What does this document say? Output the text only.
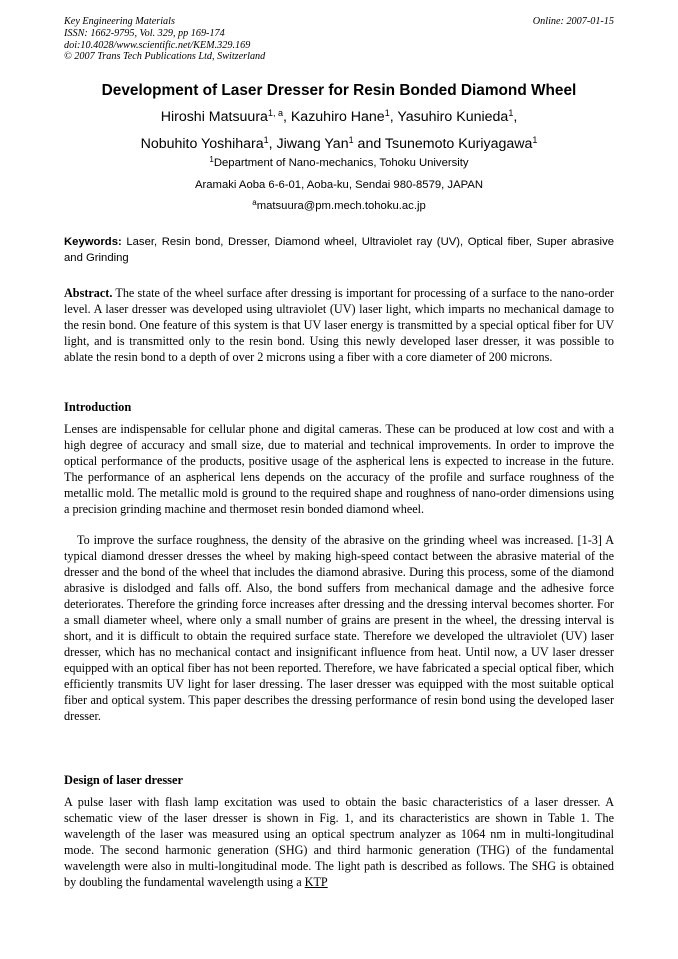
Key Engineering Materials
ISSN: 1662-9795, Vol. 329, pp 169-174
doi:10.4028/www.scientific.net/KEM.329.169
© 2007 Trans Tech Publications Ltd, Switzerland
Online: 2007-01-15
Development of Laser Dresser for Resin Bonded Diamond Wheel
Hiroshi Matsuura$^{1, a}$, Kazuhiro Hane$^1$, Yasuhiro Kunieda$^1$,
Nobuhito Yoshihara$^1$, Jiwang Yan$^1$ and Tsunemoto Kuriyagawa$^1$
$^1$Department of Nano-mechanics, Tohoku University
Aramaki Aoba 6-6-01, Aoba-ku, Sendai 980-8579, JAPAN
$^a$matsuura@pm.mech.tohoku.ac.jp
Keywords: Laser, Resin bond, Dresser, Diamond wheel, Ultraviolet ray (UV), Optical fiber, Super abrasive and Grinding
Abstract. The state of the wheel surface after dressing is important for processing of a surface to the nano-order level. A laser dresser was developed using ultraviolet (UV) laser light, which imparts no mechanical damage to the resin bond. One feature of this system is that UV laser energy is transmitted by a special optical fiber for UV light, and is transmitted only to the resin bond. Using this newly developed laser dresser, it was possible to ablate the resin bond to a depth of over 2 microns using a fiber with a core diameter of 200 microns.
Introduction
Lenses are indispensable for cellular phone and digital cameras. These can be produced at low cost and with a high degree of accuracy and small size, due to material and technical improvements. In order to improve the optical performance of the products, positive usage of the aspherical lens is expected to increase in the future. The performance of an aspherical lens depends on the accuracy of the profile and surface roughness of the metallic mold. The metallic mold is ground to the required shape and roughness of nano-order dimensions using a precision grinding machine and thermoset resin bonded diamond wheel.
To improve the surface roughness, the density of the abrasive on the grinding wheel was increased. [1-3] A typical diamond dresser dresses the wheel by making high-speed contact between the abrasive material of the dresser and the bond of the wheel that includes the diamond abrasive. During this process, some of the diamond abrasive is dislodged and falls off. Also, the bond suffers from mechanical damage and the adhesive force deteriorates. Therefore the grinding force increases after dressing and the dressing interval becomes shorter. For a small diameter wheel, where only a small number of grains are present in the wheel, the dressing interval is short, and it is difficult to obtain the required surface state. Therefore we developed the ultraviolet (UV) laser dresser, which has no mechanical contact and insignificant influence from heat. Until now, a UV laser dresser equipped with an optical fiber has not been reported. Therefore, we have fabricated a special optical fiber, which efficiently transmits UV light for laser dressing. The laser dresser was equipped with the most suitable optical fiber and optical system. This paper describes the dressing performance of resin bond using the developed laser dresser.
Design of laser dresser
A pulse laser with flash lamp excitation was used to obtain the basic characteristics of a laser dresser. A schematic view of the laser dresser is shown in Fig. 1, and its characteristics are shown in Table 1. The wavelength of the laser was measured using an optical spectrum analyzer as 1064 nm in multi-longitudinal mode. The second harmonic generation (SHG) and third harmonic generation (THG) of the fundamental wavelength were also in multi-longitudinal mode. The light path is described as follows. The SHG is obtained by doubling the fundamental wavelength using a KTP
